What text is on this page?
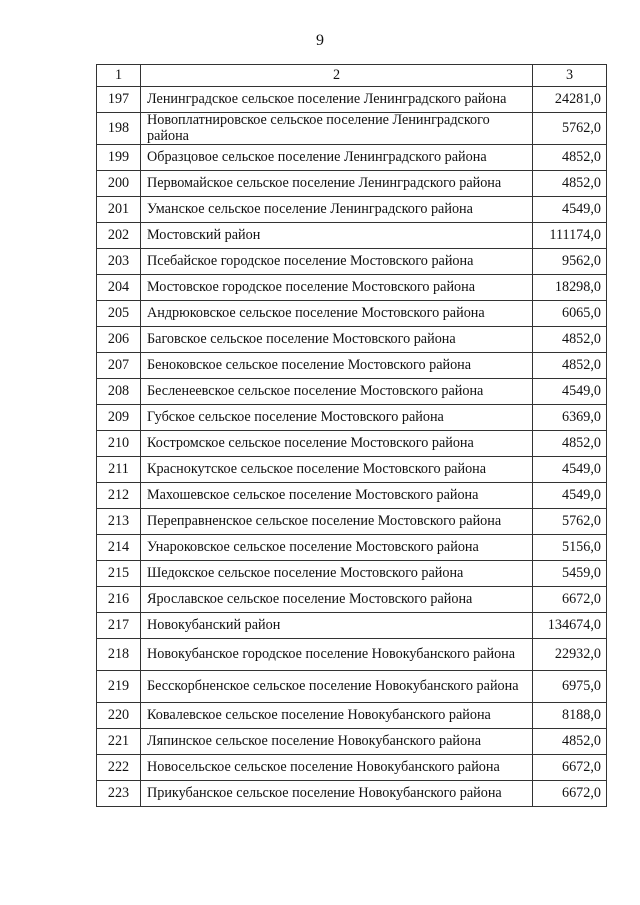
9
1	2	3
197	Ленинградское сельское поселение Ленинградского района	24281,0
198	Новоплатнировское сельское поселение Ленинградского района	5762,0
199	Образцовое сельское поселение Ленинградского района	4852,0
200	Первомайское сельское поселение Ленинградского района	4852,0
201	Уманское сельское поселение Ленинградского района	4549,0
202	Мостовский район	111174,0
203	Псебайское городское поселение Мостовского района	9562,0
204	Мостовское городское поселение Мостовского района	18298,0
205	Андрюковское сельское поселение Мостовского района	6065,0
206	Баговское сельское поселение Мостовского района	4852,0
207	Беноковское сельское поселение Мостовского района	4852,0
208	Бесленеевское сельское поселение Мостовского района	4549,0
209	Губское сельское поселение Мостовского района	6369,0
210	Костромское сельское поселение Мостовского района	4852,0
211	Краснокутское сельское поселение Мостовского района	4549,0
212	Махошевское сельское поселение Мостовского района	4549,0
213	Переправненское сельское поселение Мостовского района	5762,0
214	Унароковское сельское поселение Мостовского района	5156,0
215	Шедокское сельское поселение Мостовского района	5459,0
216	Ярославское сельское поселение Мостовского района	6672,0
217	Новокубанский район	134674,0
218	Новокубанское городское поселение Новокубанского района	22932,0
219	Бесскорбненское сельское поселение Новокубанского района	6975,0
220	Ковалевское сельское поселение Новокубанского района	8188,0
221	Ляпинское сельское поселение Новокубанского района	4852,0
222	Новосельское сельское поселение Новокубанского района	6672,0
223	Прикубанское сельское поселение Новокубанского района	6672,0
